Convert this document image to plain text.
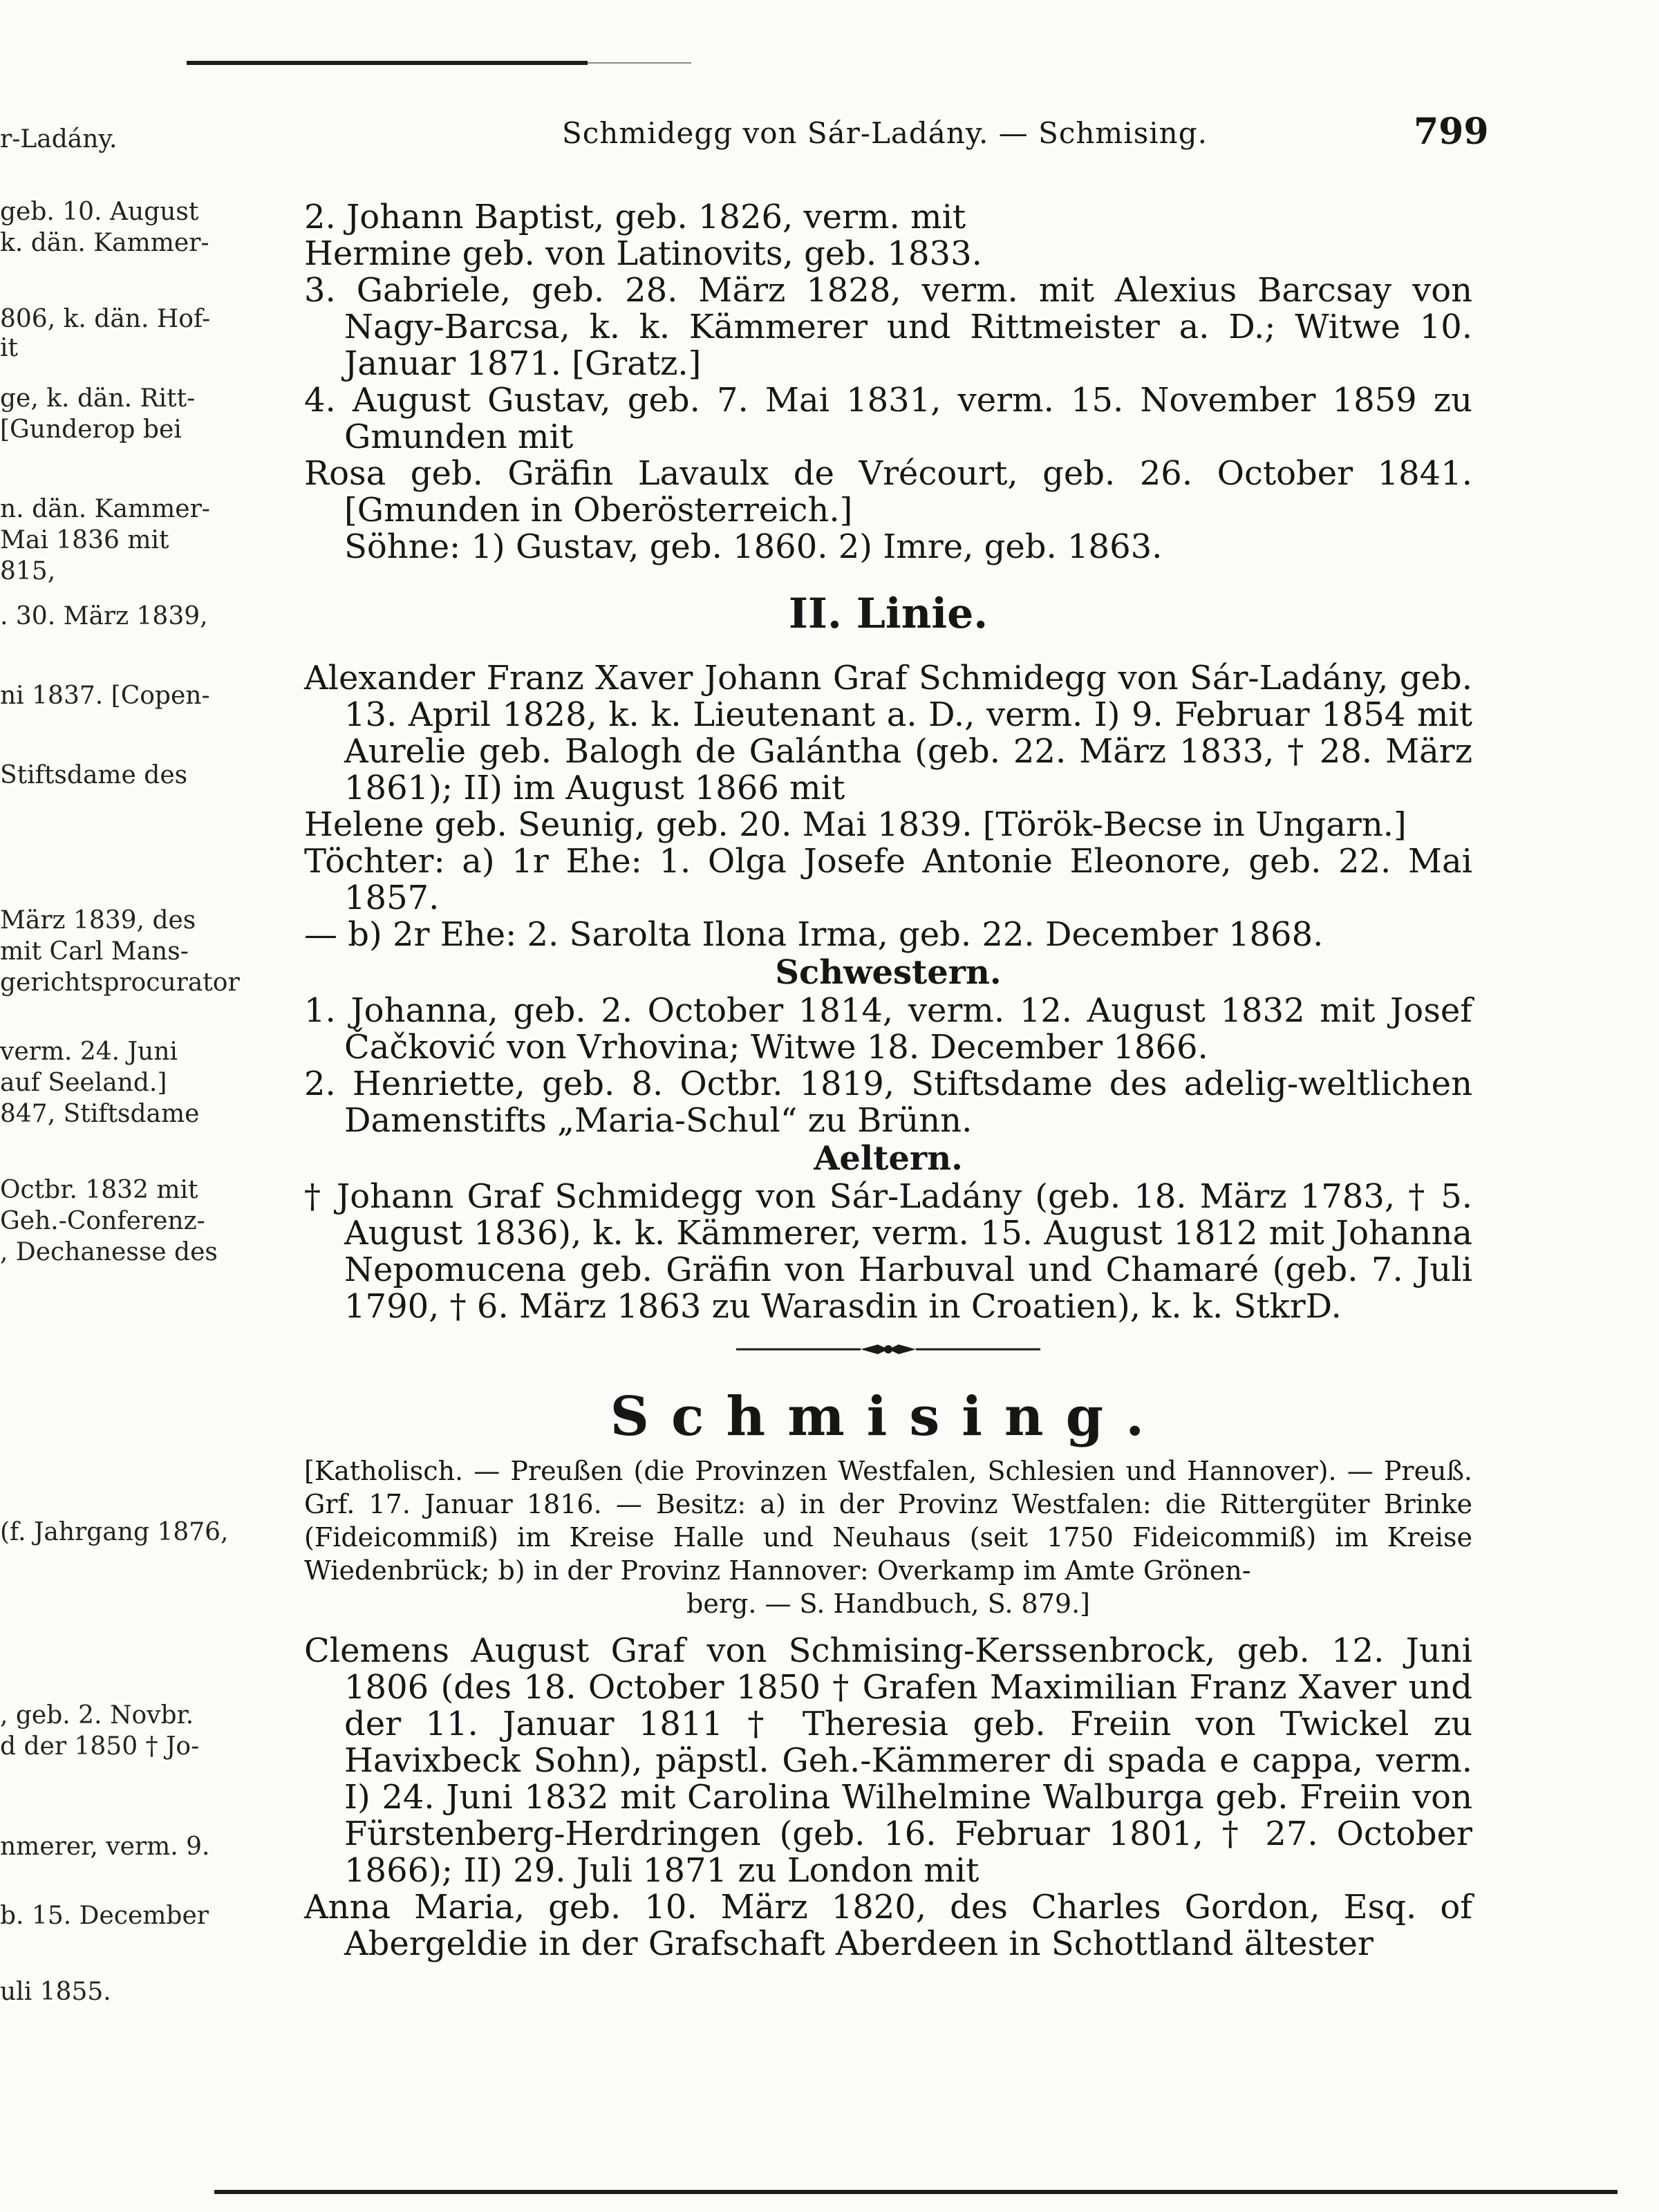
Schmidegg von Sár-Ladány. — Schmising.	799
r-Ladány.
geb. 10. August
k. dän. Kammer-
806, k. dän. Hof-
it
ge, k. dän. Ritt-
[Gunderop bei
n. dän. Kammer-
Mai 1836 mit
815,
. 30. März 1839,
ni 1837. [Copen-
Stiftsdame des
März 1839, des
mit Carl Mans-
gerichtsprocurator
verm. 24. Juni
auf Seeland.]
847, Stiftsdame
Octbr. 1832 mit
Geh.-Conferenz-
, Dechanesse des
(f. Jahrgang 1876,
, geb. 2. Novbr.
d der 1850 † Jo-
nmerer, verm. 9.
b. 15. December
uli 1855.

2. Johann Baptist, geb. 1826, verm. mit

Hermine geb. von Latinovits, geb. 1833.

3. Gabriele, geb. 28. März 1828, verm. mit Alexius Barcsay von Nagy-Barcsa, k. k. Kämmerer und Rittmeister a. D.; Witwe 10. Januar 1871. [Gratz.]

4. August Gustav, geb. 7. Mai 1831, verm. 15. November 1859 zu Gmunden mit

Rosa geb. Gräfin Lavaulx de Vrécourt, geb. 26. October 1841. [Gmunden in Oberösterreich.]

Söhne: 1) Gustav, geb. 1860. 2) Imre, geb. 1863.

II. Linie.

Alexander Franz Xaver Johann Graf Schmidegg von Sár-Ladány, geb. 13. April 1828, k. k. Lieutenant a. D., verm. I) 9. Februar 1854 mit Aurelie geb. Balogh de Galántha (geb. 22. März 1833, † 28. März 1861); II) im August 1866 mit

Helene geb. Seunig, geb. 20. Mai 1839. [Török-Becse in Ungarn.]

Töchter: a) 1r Ehe: 1. Olga Josefe Antonie Eleonore, geb. 22. Mai 1857.

— b) 2r Ehe: 2. Sarolta Ilona Irma, geb. 22. December 1868.

Schwestern.

1. Johanna, geb. 2. October 1814, verm. 12. August 1832 mit Josef Čačković von Vrhovina; Witwe 18. December 1866.

2. Henriette, geb. 8. Octbr. 1819, Stiftsdame des adelig-weltlichen Damenstifts „Maria-Schul“ zu Brünn.

Aeltern.

† Johann Graf Schmidegg von Sár-Ladány (geb. 18. März 1783, † 5. August 1836), k. k. Kämmerer, verm. 15. August 1812 mit Johanna Nepomucena geb. Gräfin von Harbuval und Chamaré (geb. 7. Juli 1790, † 6. März 1863 zu Warasdin in Croatien), k. k. StkrD.

Schmising.
[Katholisch. — Preußen (die Provinzen Westfalen, Schlesien und Hannover). — Preuß. Grf. 17. Januar 1816. — Besitz: a) in der Provinz Westfalen: die Rittergüter Brinke (Fideicommiß) im Kreise Halle und Neuhaus (seit 1750 Fideicommiß) im Kreise Wiedenbrück; b) in der Provinz Hannover: Overkamp im Amte Grönen-
berg. — S. Handbuch, S. 879.]

Clemens August Graf von Schmising-Kerssenbrock, geb. 12. Juni 1806 (des 18. October 1850 † Grafen Maximilian Franz Xaver und der 11. Januar 1811 † Theresia geb. Freiin von Twickel zu Havixbeck Sohn), päpstl. Geh.-Kämmerer di spada e cappa, verm. I) 24. Juni 1832 mit Carolina Wilhelmine Walburga geb. Freiin von Fürstenberg-Herdringen (geb. 16. Februar 1801, † 27. October 1866); II) 29. Juli 1871 zu London mit

Anna Maria, geb. 10. März 1820, des Charles Gordon, Esq. of Abergeldie in der Grafschaft Aberdeen in Schottland ältester
